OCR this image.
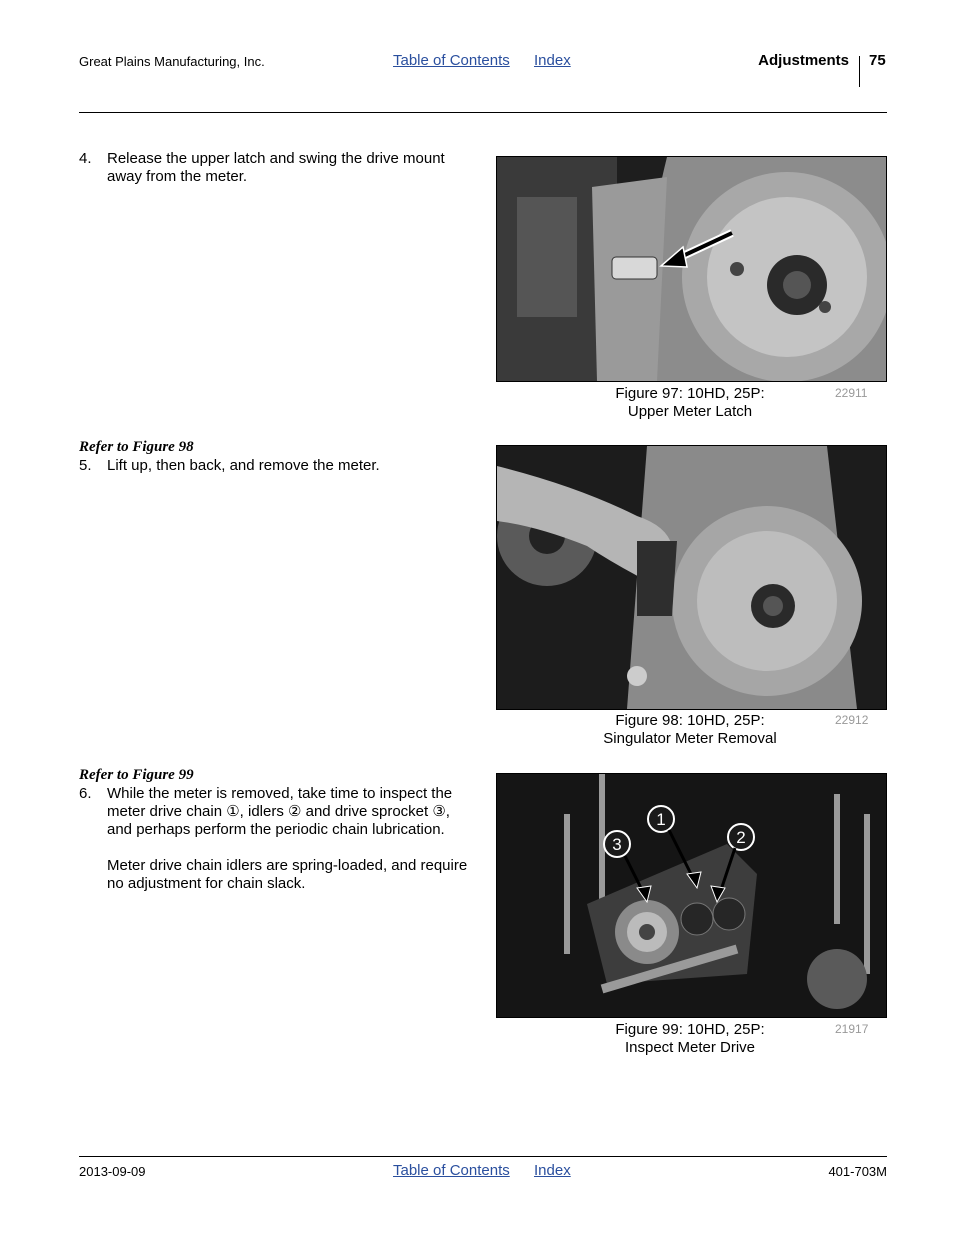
Great Plains Manufacturing, Inc.	Table of Contents Index	Adjustments 75
4. Release the upper latch and swing the drive mount away from the meter.
Figure 97: 10HD, 25P:
Upper Meter Latch
22911
Refer to Figure 98
5. Lift up, then back, and remove the meter.
Figure 98: 10HD, 25P:
Singulator Meter Removal
22912
Refer to Figure 99
6. While the meter is removed, take time to inspect the meter drive chain ①, idlers ② and drive sprocket ③, and perhaps perform the periodic chain lubrication.
Meter drive chain idlers are spring-loaded, and require no adjustment for chain slack.
1
2
3
Figure 99: 10HD, 25P:
Inspect Meter Drive
21917
2013-09-09	Table of Contents Index	401-703M
